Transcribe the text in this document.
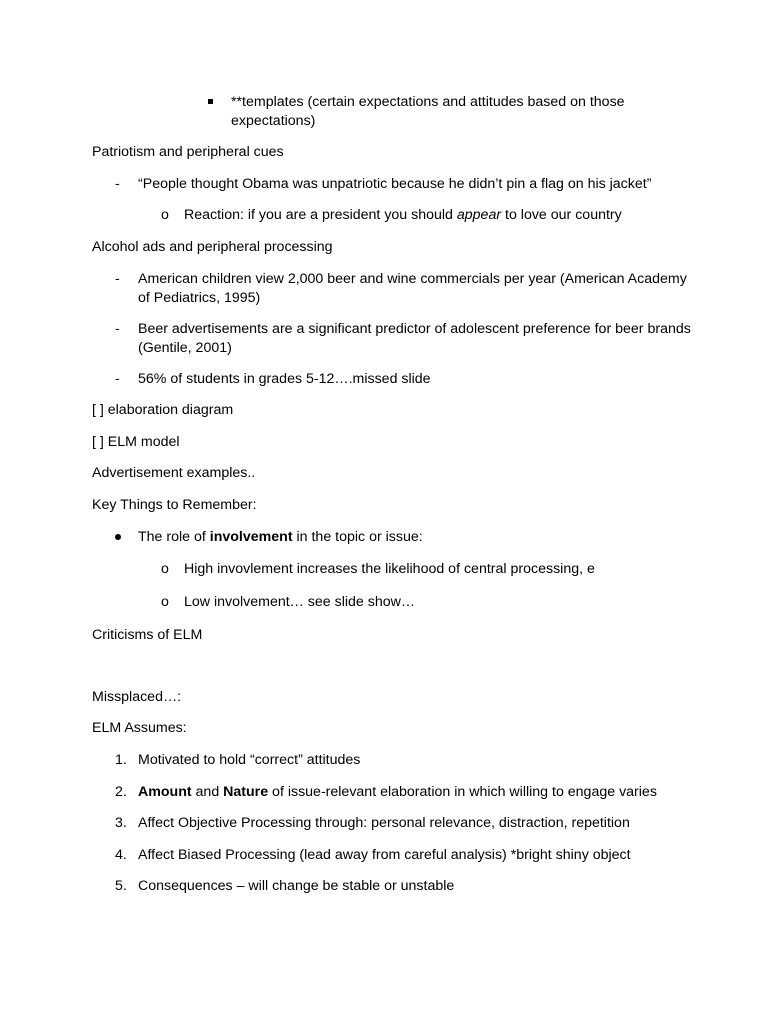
**templates (certain expectations and attitudes based on those
expectations)
Patriotism and peripheral cues
- “People thought Obama was unpatriotic because he didn’t pin a flag on his jacket”
o Reaction: if you are a president you should appear to love our country
Alcohol ads and peripheral processing
- American children view 2,000 beer and wine commercials per year (American Academy
of Pediatrics, 1995)
- Beer advertisements are a significant predictor of adolescent preference for beer brands
(Gentile, 2001)
- 56% of students in grades 5-12….missed slide
[ ] elaboration diagram
[ ] ELM model
Advertisement examples..
Key Things to Remember:
The role of involvement in the topic or issue:
o High invovlement increases the likelihood of central processing, e
o Low involvement… see slide show…
Criticisms of ELM
Missplaced…:
ELM Assumes:
1. Motivated to hold “correct” attitudes
2. Amount and Nature of issue-relevant elaboration in which willing to engage varies
3. Affect Objective Processing through: personal relevance, distraction, repetition
4. Affect Biased Processing (lead away from careful analysis) *bright shiny object
5. Consequences – will change be stable or unstable
